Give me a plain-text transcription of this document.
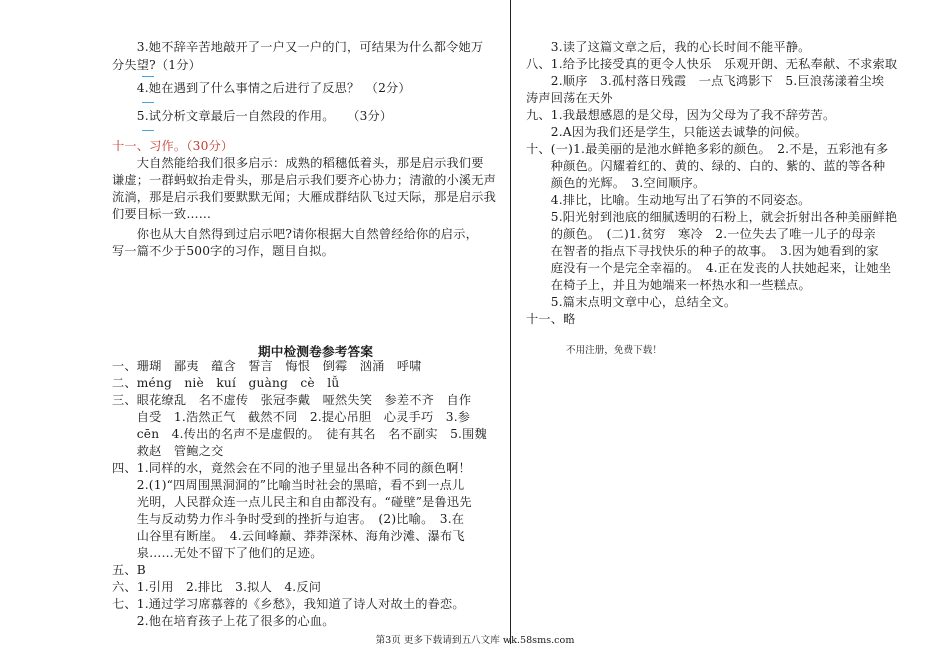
　　3.她不辞辛苦地敲开了一户又一户的门，可结果为什么都令她万
分失望?（1分）
　　4.她在遇到了什么事情之后进行了反思？　（2分）
　　5.试分析文章最后一自然段的作用。　　（3分）
十一、习作。（30分）
　　大自然能给我们很多启示：成熟的稻穗低着头，那是启示我们要
谦虚；一群蚂蚁抬走骨头，那是启示我们要齐心协力；清澈的小溪无声
流淌，那是启示我们要默默无闻；大雁成群结队飞过天际，那是启示我
们要目标一致……
　　你也从大自然得到过启示吧?请你根据大自然曾经给你的启示，
写一篇不少于500字的习作，题目自拟。
期中检测卷参考答案
一、珊瑚　鄙夷　蕴含　誓言　悔恨　倒霉　汹涌　呼啸
二、méng　niè　kuí　guàng　cè　lǚ
三、眼花缭乱　名不虚传　张冠李戴　哑然失笑　参差不齐　自作
　　自受　1.浩然正气　截然不同　2.提心吊胆　心灵手巧　3.参
　　cēn　4.传出的名声不是虚假的。　徒有其名　名不副实　5.围魏
　　救赵　管鲍之交
四、1.同样的水，竟然会在不同的池子里显出各种不同的颜色啊！
　　2.(1)“四周围黑洞洞的”比喻当时社会的黑暗，看不到一点儿
　　光明，人民群众连一点儿民主和自由都没有。“碰壁”是鲁迅先
　　生与反动势力作斗争时受到的挫折与迫害。　(2)比喻。　3.在
　　山谷里有断崖。　4.云间峰巅、莽莽深林、海角沙滩、瀑布飞
　　泉……无处不留下了他们的足迹。
五、B
六、1.引用　2.排比　3.拟人　4.反问
七、1.通过学习席慕蓉的《乡愁》，我知道了诗人对故土的眷恋。
　　2.他在培育孩子上花了很多的心血。
　　3.读了这篇文章之后，我的心长时间不能平静。
八、1.给予比接受真的更令人快乐　乐观开朗、无私奉献、不求索取
　　2.顺序　3.孤村落日残霞　一点飞鸿影下　5.巨浪荡漾着尘埃
涛声回荡在天外
九、1.我最想感恩的是父母，因为父母为了我不辞劳苦。
　　2.A因为我们还是学生，只能送去诚挚的问候。
十、(一)1.最美丽的是池水鲜艳多彩的颜色。　2.不是，五彩池有多
　　种颜色。闪耀着红的、黄的、绿的、白的、紫的、蓝的等各种
　　颜色的光辉。　3.空间顺序。
　　4.排比，比喻。生动地写出了石笋的不同姿态。
　　5.阳光射到池底的细腻透明的石粉上，就会折射出各种美丽鲜艳
　　的颜色。　(二)1.贫穷　寒冷　2.一位失去了唯一儿子的母亲
　　在智者的指点下寻找快乐的种子的故事。　3.因为她看到的家
　　庭没有一个是完全幸福的。　4.正在发丧的人扶她起来，让她坐
　　在椅子上，并且为她端来一杯热水和一些糕点。
　　5.篇末点明文章中心，总结全文。
十一、略
不用注册，免费下载！
第3页 更多下载请到五八文库 wk.58sms.com
